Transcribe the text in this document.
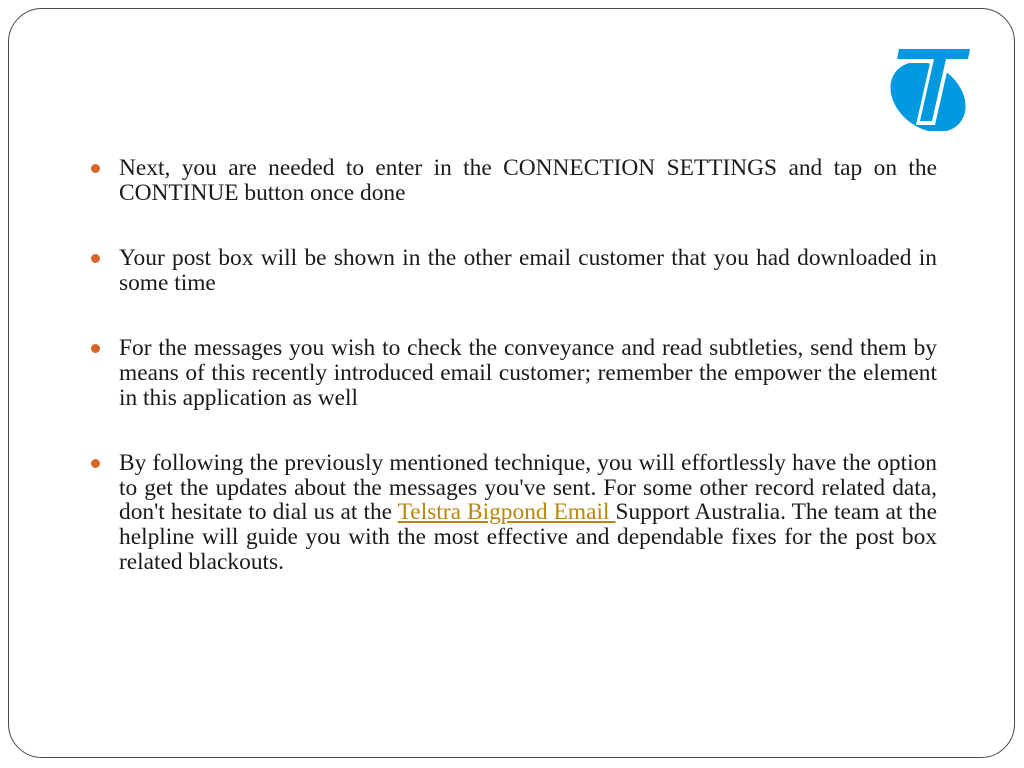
Next, you are needed to enter in the CONNECTION SETTINGS and tap on the CONTINUE button once done
Your post box will be shown in the other email customer that you had downloaded in some time
For the messages you wish to check the conveyance and read subtleties, send them by means of this recently introduced email customer; remember the empower the element in this application as well
By following the previously mentioned technique, you will effortlessly have the option to get the updates about the messages you've sent. For some other record related data, don't hesitate to dial us at the Telstra Bigpond Email Support Australia. The team at the helpline will guide you with the most effective and dependable fixes for the post box related blackouts.
